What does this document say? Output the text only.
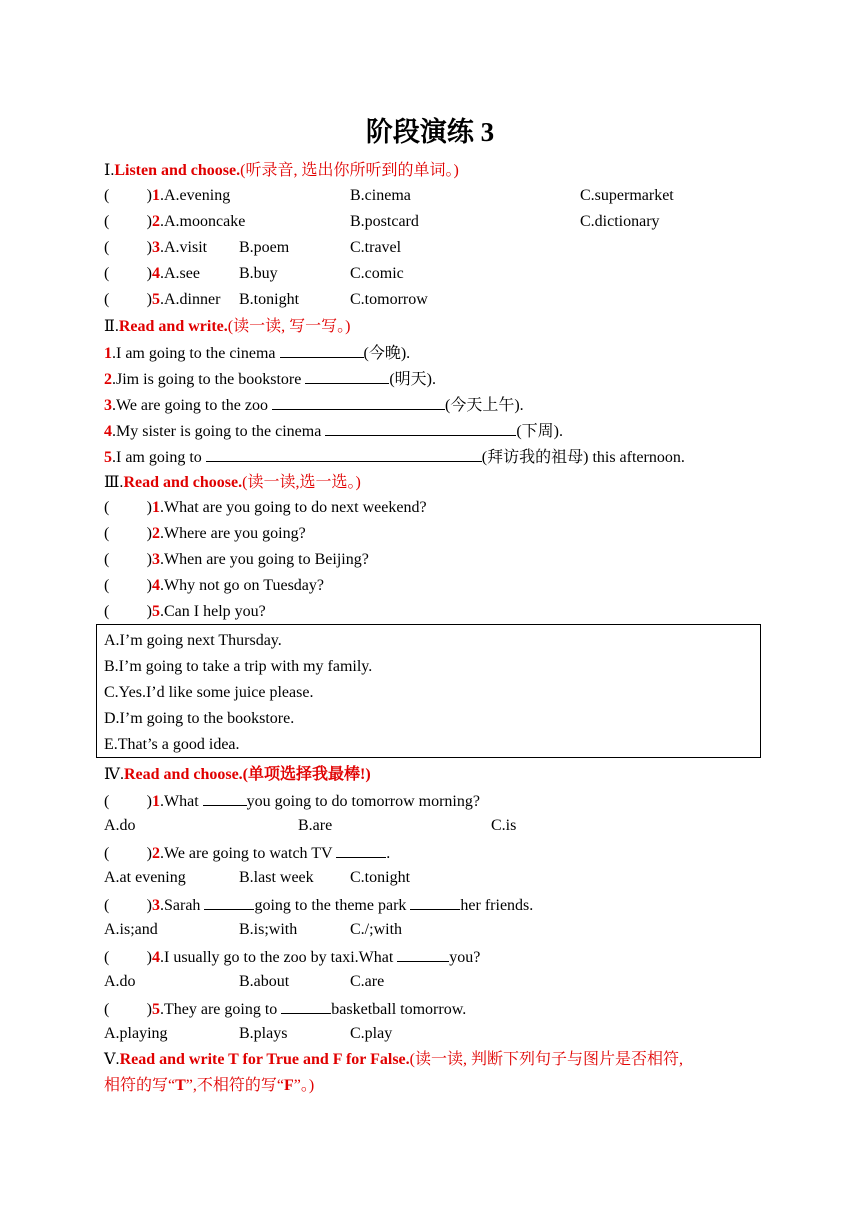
阶段演练 3
Ⅰ.Listen and choose.(听录音, 选出你所听到的单词。)
( ) 1.A.evening	B.cinema	C.supermarket
( ) 2.A.mooncake	B.postcard	C.dictionary
( ) 3.A.visit B.poem	C.travel
( ) 4.A.see B.buy	C.comic
( ) 5.A.dinner B.tonight	C.tomorrow
Ⅱ.Read and write.(读一读, 写一写。)
1.I am going to the cinema	(今晚).
2.Jim is going to the bookstore	(明天).
3.We are going to the zoo	(今天上午).
4.My sister is going to the cinema	(下周).
5.I am going to	(拜访我的祖母) this afternoon.
Ⅲ.Read and choose.(读一读,选一选。)
( ) 1.What are you going to do next weekend?
( ) 2.Where are you going?
( ) 3.When are you going to Beijing?
( ) 4.Why not go on Tuesday?
( ) 5.Can I help you?
A.I’m going next Thursday.
B.I’m going to take a trip with my family.
C.Yes.I’d like some juice please.
D.I’m going to the bookstore.
E.That’s a good idea.
Ⅳ.Read and choose.(单项选择我最棒!)
( ) 1.What	you going to do tomorrow morning?
A.do	B.are	C.is
( ) 2.We are going to watch TV	.
A.at evening	B.last week C.tonight
( ) 3.Sarah	going to the theme park	her friends.
A.is;and	B.is;with	C./;with
( ) 4.I usually go to the zoo by taxi.What	you?
A.do	B.about	C.are
( ) 5.They are going to	basketball tomorrow.
A.playing	B.plays	C.play
Ⅴ.Read and write T for True and F for False.(读一读, 判断下列句子与图片是否相符,
相符的写“T”,不相符的写“F”。)
